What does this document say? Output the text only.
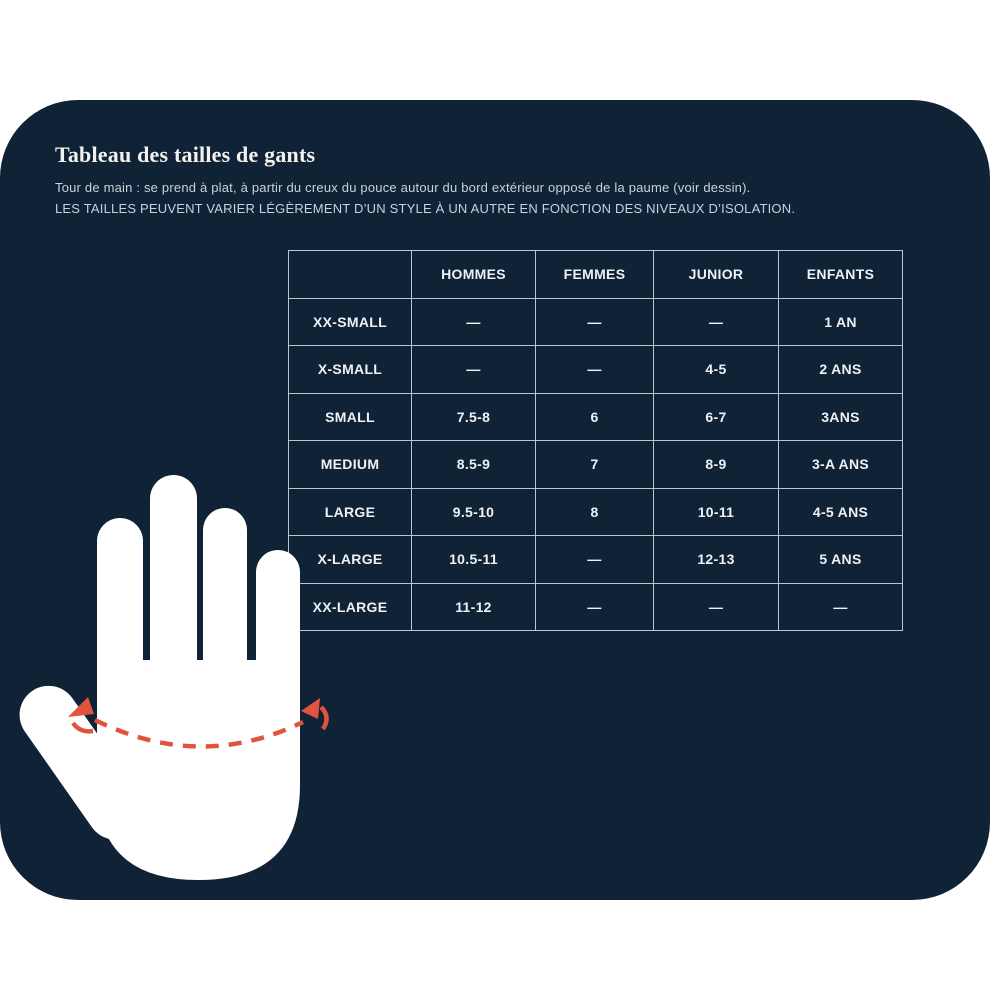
Tableau des tailles de gants

Tour de main : se prend à plat, à partir du creux du pouce autour du bord extérieur opposé de la paume (voir dessin).

LES TAILLES PEUVENT VARIER LÉGÈREMENT D’UN STYLE À UN AUTRE EN FONCTION DES NIVEAUX D’ISOLATION.

	HOMMES	FEMMES	JUNIOR	ENFANTS
XX-SMALL	—	—	—	1 AN
X-SMALL	—	—	4-5	2 ANS
SMALL	7.5-8	6	6-7	3ANS
MEDIUM	8.5-9	7	8-9	3-A ANS
LARGE	9.5-10	8	10-11	4-5 ANS
X-LARGE	10.5-11	—	12-13	5 ANS
XX-LARGE	11-12	—	—	—
